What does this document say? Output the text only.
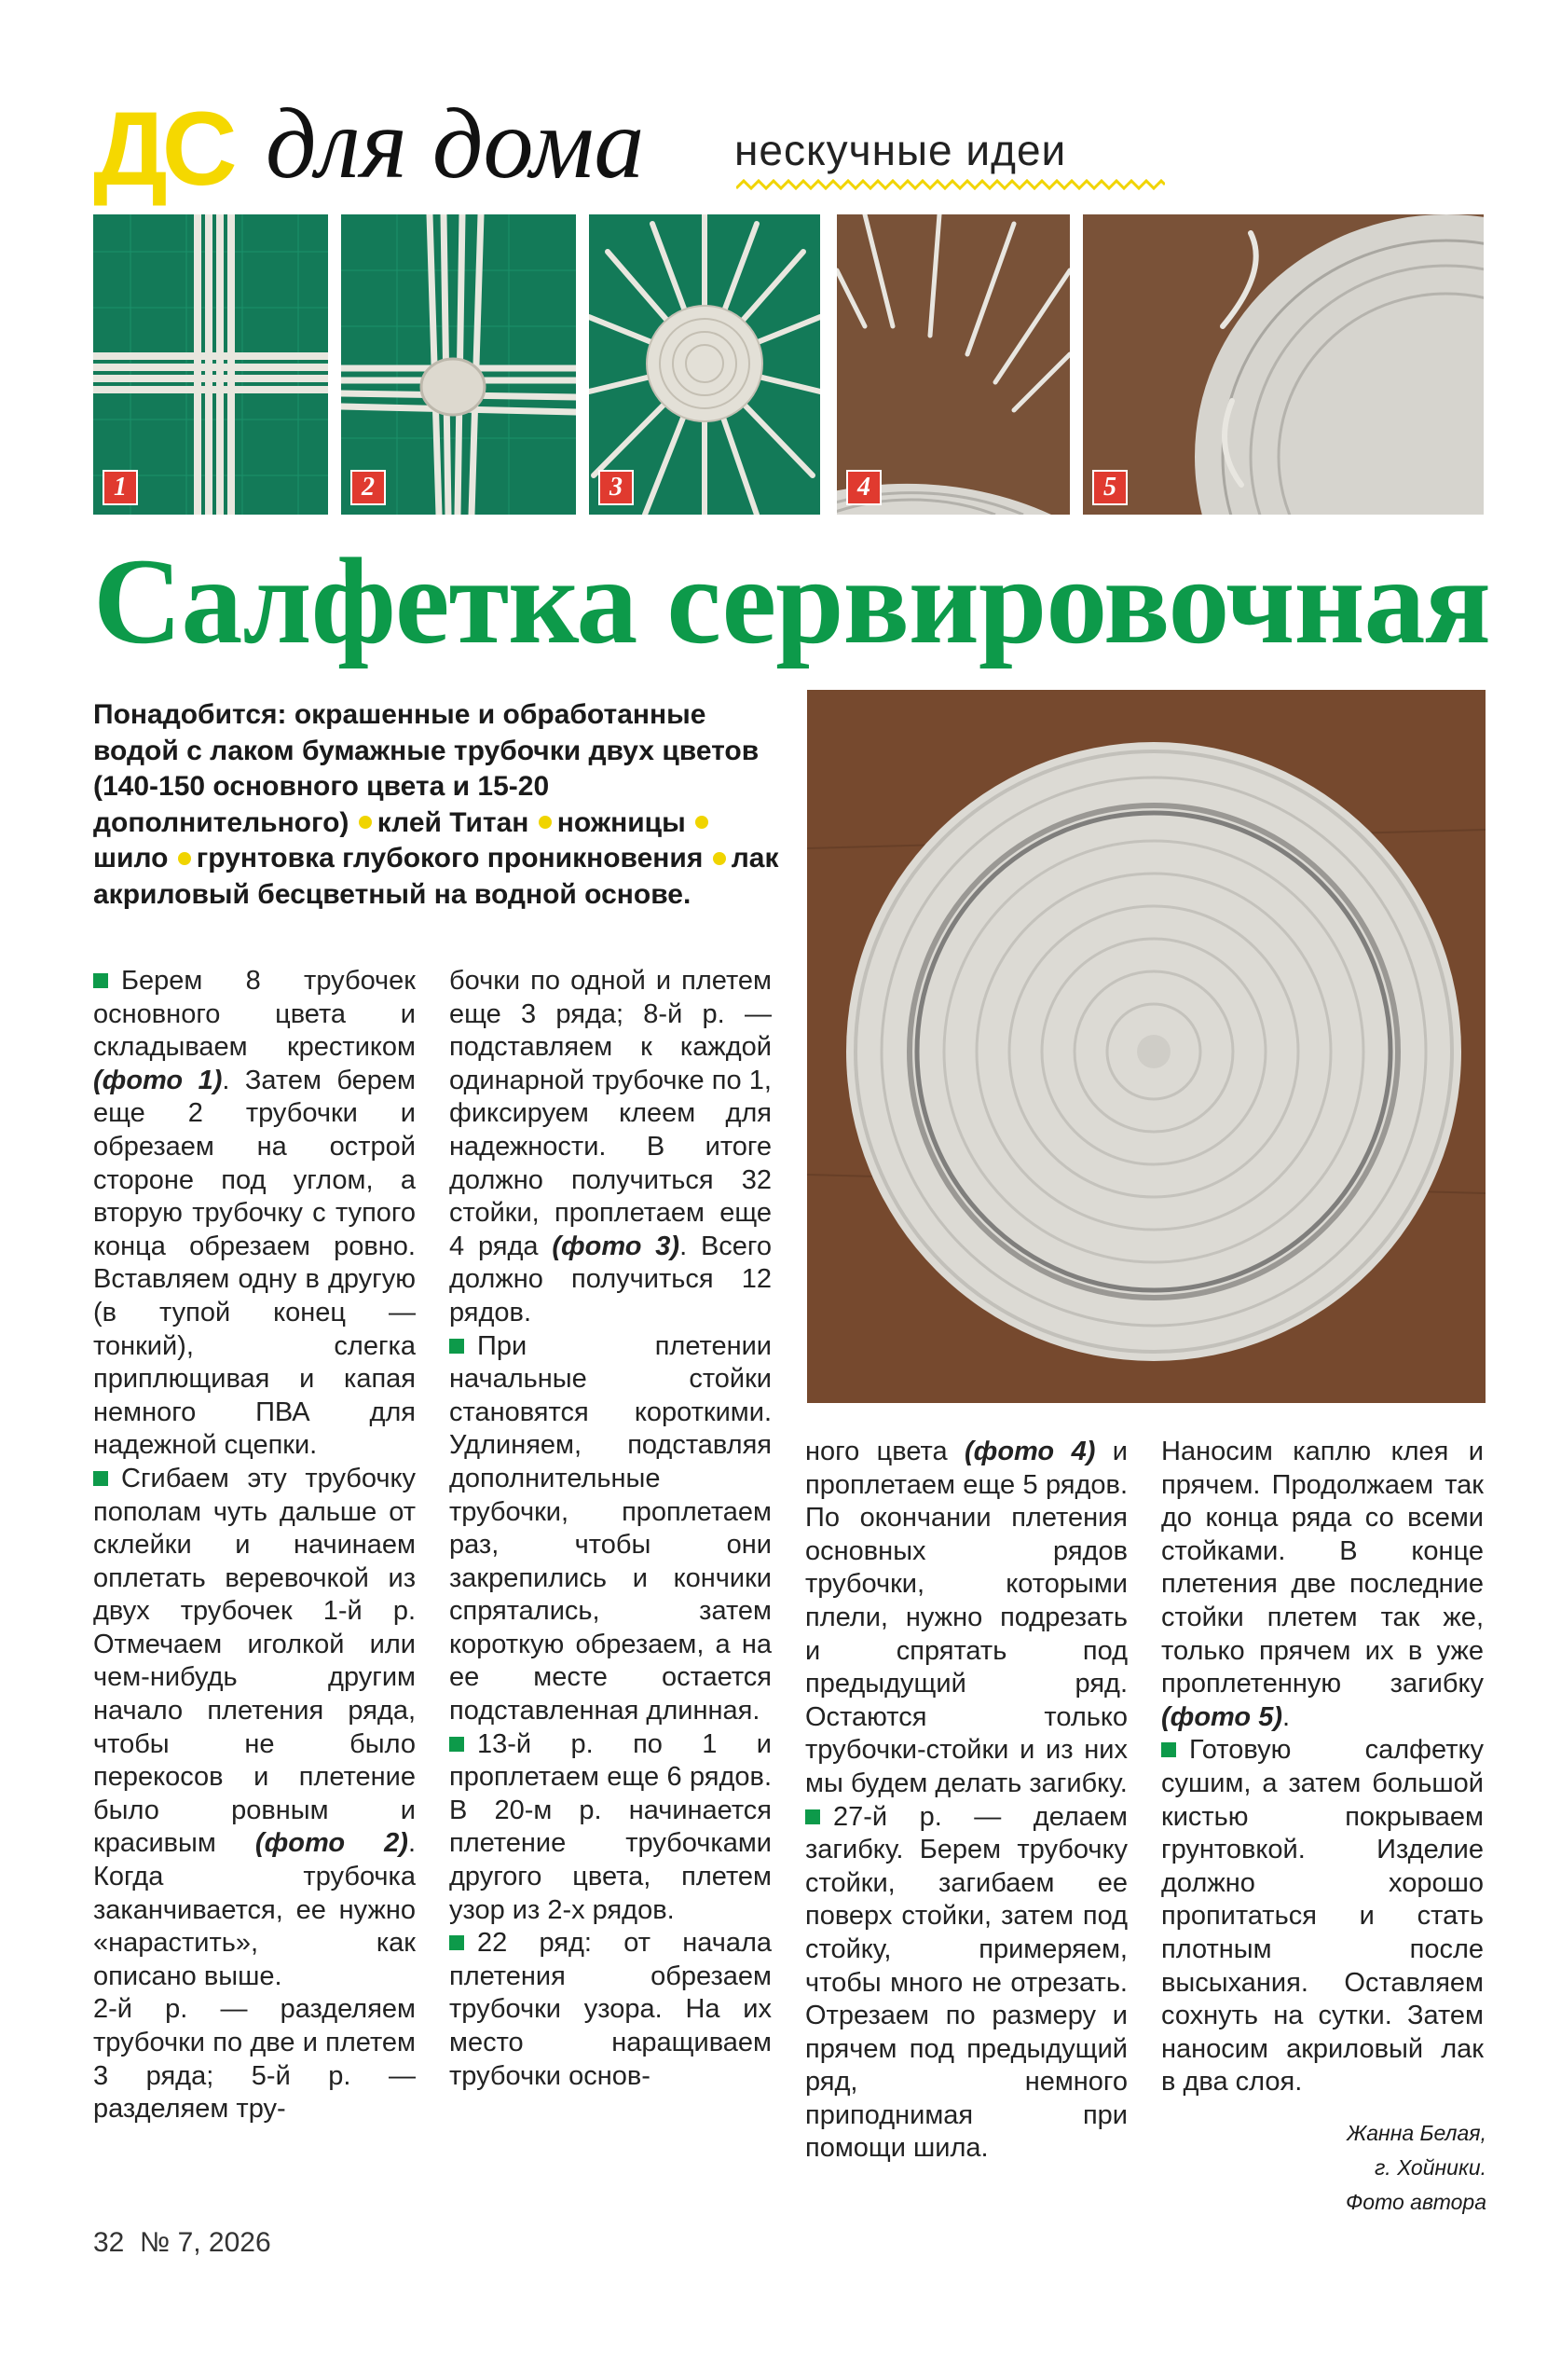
ДС для дома нескучные идеи
1	2	3	4	5
Салфетка сервировочная
Понадобится: окрашенные и обработанные водой с лаком бумажные трубочки двух цветов (140-150 основного цвета и 15-20 дополнительного) клей Титан ножницы шило грунтовка глубокого проникновения лак акриловый бесцветный на водной основе.

Берем 8 трубочек основного цвета и складываем крестиком (фото 1). Затем берем еще 2 трубочки и обрезаем на острой стороне под углом, а вторую трубочку с тупого конца обрезаем ровно. Вставляем одну в другую (в тупой конец — тонкий), слегка приплющивая и капая немного ПВА для надежной сцепки.

Сгибаем эту трубочку пополам чуть дальше от склейки и начинаем оплетать веревочкой из двух трубочек 1-й р. Отмечаем иголкой или чем-нибудь другим начало плетения ряда, чтобы не было перекосов и плетение было ровным и красивым (фото 2). Когда трубочка заканчивается, ее нужно «нарастить», как описано выше.

2-й р. — разделяем трубочки по две и плетем 3 ряда; 5-й р. — разделяем тру-

бочки по одной и плетем еще 3 ряда; 8-й р. — подставляем к каждой одинарной трубочке по 1, фиксируем клеем для надежности. В итоге должно получиться 32 стойки, проплетаем еще 4 ряда (фото 3). Всего должно получиться 12 рядов.

При плетении начальные стойки становятся короткими. Удлиняем, подставляя дополнительные трубочки, проплетаем раз, чтобы они закрепились и кончики спрятались, затем короткую обрезаем, а на ее месте остается подставленная длинная.

13-й р. по 1 и проплетаем еще 6 рядов. В 20-м р. начинается плетение трубочками другого цвета, плетем узор из 2-х рядов.

22 ряд: от начала плетения обрезаем трубочки узора. На их место наращиваем трубочки основ-

ного цвета (фото 4) и проплетаем еще 5 рядов. По окончании плетения основных рядов трубочки, которыми плели, нужно подрезать и спрятать под предыдущий ряд. Остаются только трубочки-стойки и из них мы будем делать загибку.

27-й р. — делаем загибку. Берем трубочку стойки, загибаем ее поверх стойки, затем под стойку, примеряем, чтобы много не отрезать. Отрезаем по размеру и прячем под предыдущий ряд, немного приподнимая при помощи шила.

Наносим каплю клея и прячем. Продолжаем так до конца ряда со всеми стойками. В конце плетения две последние стойки плетем так же, только прячем их в уже проплетенную загибку (фото 5).

Готовую салфетку сушим, а затем большой кистью покрываем грунтовкой. Изделие должно хорошо пропитаться и стать плотным после высыхания. Оставляем сохнуть на сутки. Затем наносим акриловый лак в два слоя.

Жанна Белая,
г. Хойники.
Фото автора
32 № 7, 2026
